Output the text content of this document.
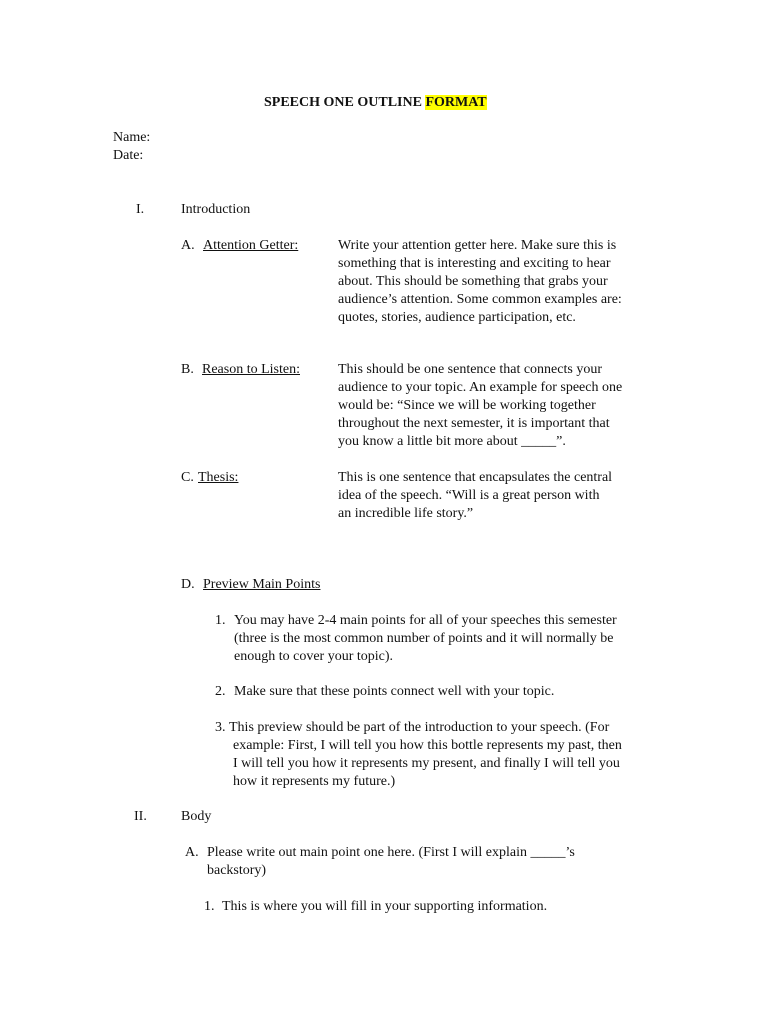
SPEECH ONE OUTLINE FORMAT
Name:
Date:
I.	Introduction
A. Attention Getter:	Write your attention getter here. Make sure this is
something that is interesting and exciting to hear
about. This should be something that grabs your
audience’s attention. Some common examples are:
quotes, stories, audience participation, etc.
B. Reason to Listen:	This should be one sentence that connects your
audience to your topic. An example for speech one
would be: “Since we will be working together
throughout the next semester, it is important that
you know a little bit more about _____”.
C. Thesis:	This is one sentence that encapsulates the central
idea of the speech. “Will is a great person with
an incredible life story.”
D. Preview Main Points
1. You may have 2-4 main points for all of your speeches this semester
(three is the most common number of points and it will normally be
enough to cover your topic).
2. Make sure that these points connect well with your topic.
3. This preview should be part of the introduction to your speech. (For
example: First, I will tell you how this bottle represents my past, then
I will tell you how it represents my present, and finally I will tell you
how it represents my future.)
II. Body
A. Please write out main point one here. (First I will explain _____’s
backstory)
1. This is where you will fill in your supporting information.
